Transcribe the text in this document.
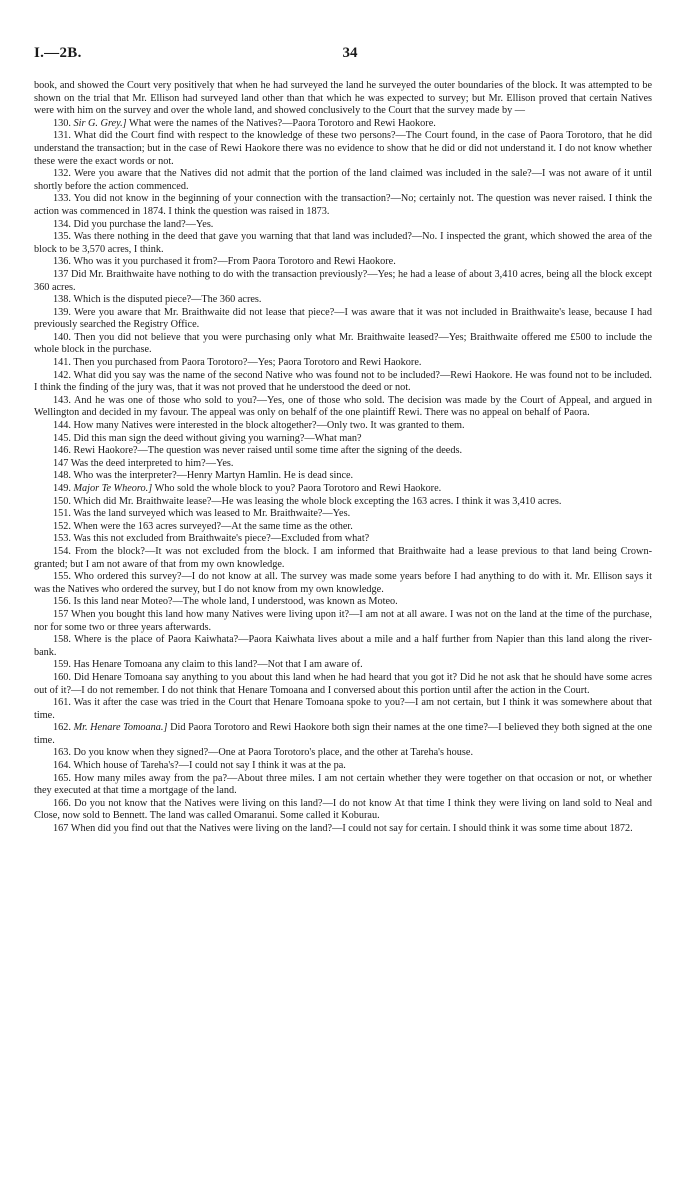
I.—2B.	34

book, and showed the Court very positively that when he had surveyed the land he surveyed the outer boundaries of the block. It was attempted to be shown on the trial that Mr. Ellison had surveyed land other than that which he was expected to survey; but Mr. Ellison proved that certain Natives were with him on the survey and over the whole land, and showed conclusively to the Court that the survey made by —

130. Sir G. Grey.] What were the names of the Natives?—Paora Torotoro and Rewi Haokore.

131. What did the Court find with respect to the knowledge of these two persons?—The Court found, in the case of Paora Torotoro, that he did understand the transaction; but in the case of Rewi Haokore there was no evidence to show that he did or did not understand it. I do not know whether these were the exact words or not.

132. Were you aware that the Natives did not admit that the portion of the land claimed was included in the sale?—I was not aware of it until shortly before the action commenced.

133. You did not know in the beginning of your connection with the transaction?—No; certainly not. The question was never raised. I think the action was commenced in 1874. I think the question was raised in 1873.

134. Did you purchase the land?—Yes.

135. Was there nothing in the deed that gave you warning that that land was included?—No. I inspected the grant, which showed the area of the block to be 3,570 acres, I think.

136. Who was it you purchased it from?—From Paora Torotoro and Rewi Haokore.

137 Did Mr. Braithwaite have nothing to do with the transaction previously?—Yes; he had a lease of about 3,410 acres, being all the block except 360 acres.

138. Which is the disputed piece?—The 360 acres.

139. Were you aware that Mr. Braithwaite did not lease that piece?—I was aware that it was not included in Braithwaite's lease, because I had previously searched the Registry Office.

140. Then you did not believe that you were purchasing only what Mr. Braithwaite leased?—Yes; Braithwaite offered me £500 to include the whole block in the purchase.

141. Then you purchased from Paora Torotoro?—Yes; Paora Torotoro and Rewi Haokore.

142. What did you say was the name of the second Native who was found not to be included?—Rewi Haokore. He was found not to be included. I think the finding of the jury was, that it was not proved that he understood the deed or not.

143. And he was one of those who sold to you?—Yes, one of those who sold. The decision was made by the Court of Appeal, and argued in Wellington and decided in my favour. The appeal was only on behalf of the one plaintiff Rewi. There was no appeal on behalf of Paora.

144. How many Natives were interested in the block altogether?—Only two. It was granted to them.

145. Did this man sign the deed without giving you warning?—What man?

146. Rewi Haokore?—The question was never raised until some time after the signing of the deeds.

147 Was the deed interpreted to him?—Yes.

148. Who was the interpreter?—Henry Martyn Hamlin. He is dead since.

149. Major Te Wheoro.] Who sold the whole block to you? Paora Torotoro and Rewi Haokore.

150. Which did Mr. Braithwaite lease?—He was leasing the whole block excepting the 163 acres. I think it was 3,410 acres.

151. Was the land surveyed which was leased to Mr. Braithwaite?—Yes.

152. When were the 163 acres surveyed?—At the same time as the other.

153. Was this not excluded from Braithwaite's piece?—Excluded from what?

154. From the block?—It was not excluded from the block. I am informed that Braithwaite had a lease previous to that land being Crown-granted; but I am not aware of that from my own knowledge.

155. Who ordered this survey?—I do not know at all. The survey was made some years before I had anything to do with it. Mr. Ellison says it was the Natives who ordered the survey, but I do not know from my own knowledge.

156. Is this land near Moteo?—The whole land, I understood, was known as Moteo.

157 When you bought this land how many Natives were living upon it?—I am not at all aware. I was not on the land at the time of the purchase, nor for some two or three years afterwards.

158. Where is the place of Paora Kaiwhata?—Paora Kaiwhata lives about a mile and a half further from Napier than this land along the river-bank.

159. Has Henare Tomoana any claim to this land?—Not that I am aware of.

160. Did Henare Tomoana say anything to you about this land when he had heard that you got it? Did he not ask that he should have some acres out of it?—I do not remember. I do not think that Henare Tomoana and I conversed about this portion until after the action in the Court.

161. Was it after the case was tried in the Court that Henare Tomoana spoke to you?—I am not certain, but I think it was somewhere about that time.

162. Mr. Henare Tomoana.] Did Paora Torotoro and Rewi Haokore both sign their names at the one time?—I believed they both signed at the one time.

163. Do you know when they signed?—One at Paora Torotoro's place, and the other at Tareha's house.

164. Which house of Tareha's?—I could not say I think it was at the pa.

165. How many miles away from the pa?—About three miles. I am not certain whether they were together on that occasion or not, or whether they executed at that time a mortgage of the land.

166. Do you not know that the Natives were living on this land?—I do not know At that time I think they were living on land sold to Neal and Close, now sold to Bennett. The land was called Omaranui. Some called it Koburau.

167 When did you find out that the Natives were living on the land?—I could not say for certain. I should think it was some time about 1872.
